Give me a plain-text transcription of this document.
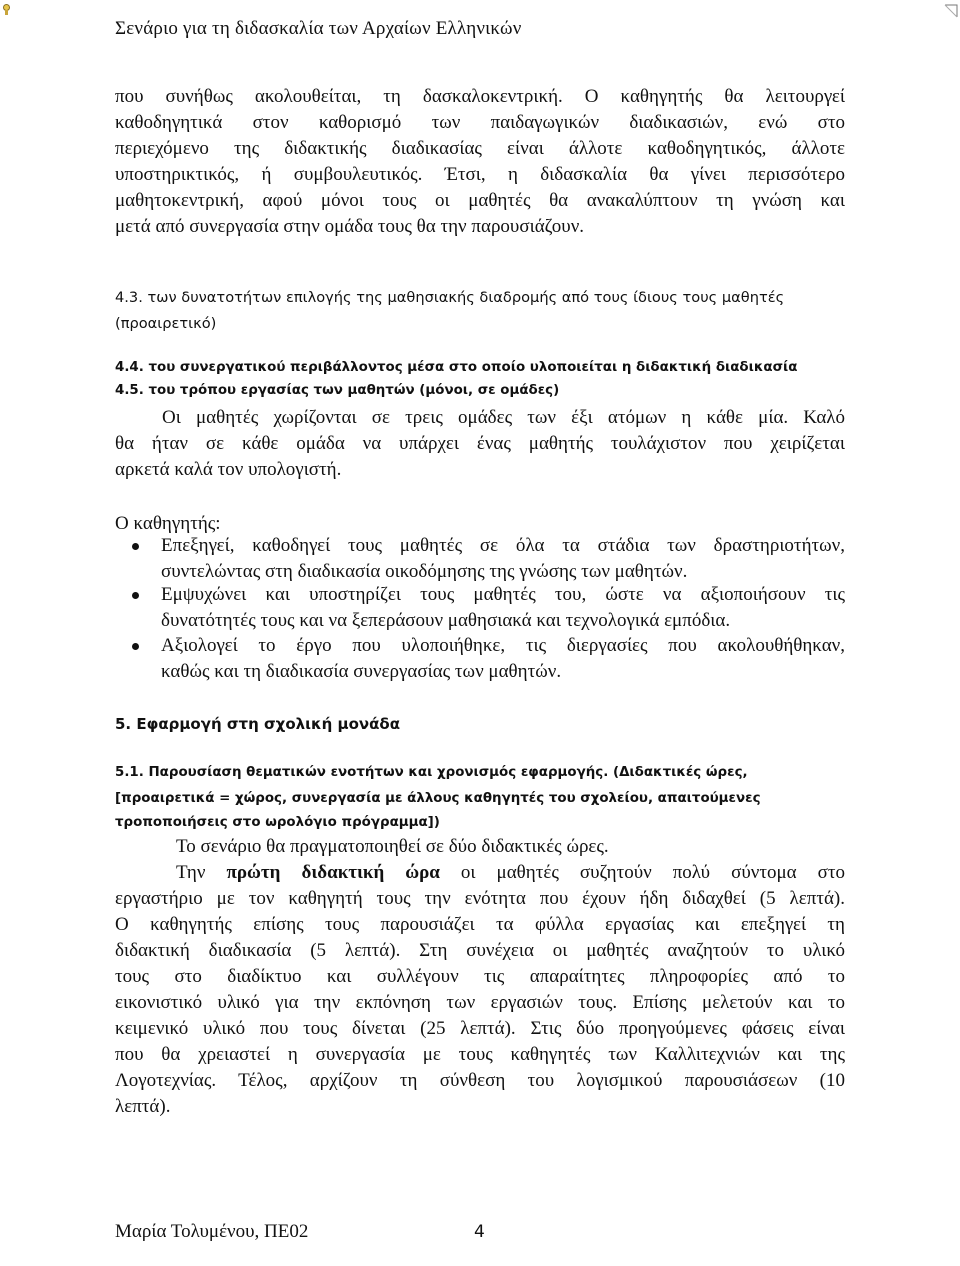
Σενάριο για τη διδασκαλία των Αρχαίων Ελληνικών
που συνήθως ακολουθείται, τη δασκαλοκεντρική. Ο καθηγητής θα λειτουργεί
καθοδηγητικά στον καθορισμό των παιδαγωγικών διαδικασιών, ενώ στο
περιεχόμενο της διδακτικής διαδικασίας είναι άλλοτε καθοδηγητικός, άλλοτε
υποστηρικτικός, ή συμβουλευτικός. Έτσι, η διδασκαλία θα γίνει περισσότερο
μαθητοκεντρική, αφού μόνοι τους οι μαθητές θα ανακαλύπτουν τη γνώση και
μετά από συνεργασία στην ομάδα τους θα την παρουσιάζουν.
4.3. των δυνατοτήτων επιλογής της μαθησιακής διαδρομής από τους ίδιους τους μαθητές
(προαιρετικό)
4.4. του συνεργατικού περιβάλλοντος μέσα στο οποίο υλοποιείται η διδακτική διαδικασία
4.5. του τρόπου εργασίας των μαθητών (μόνοι, σε ομάδες)
Οι μαθητές χωρίζονται σε τρεις ομάδες των έξι ατόμων η κάθε μία. Καλό
θα ήταν σε κάθε ομάδα να υπάρχει ένας μαθητής τουλάχιστον που χειρίζεται
αρκετά καλά τον υπολογιστή.
Ο καθηγητής:
Επεξηγεί, καθοδηγεί τους μαθητές σε όλα τα στάδια των δραστηριοτήτων,
συντελώντας στη διαδικασία οικοδόμησης της γνώσης των μαθητών.
Εμψυχώνει και υποστηρίζει τους μαθητές του, ώστε να αξιοποιήσουν τις
δυνατότητές τους και να ξεπεράσουν μαθησιακά και τεχνολογικά εμπόδια.
Αξιολογεί το έργο που υλοποιήθηκε, τις διεργασίες που ακολουθήθηκαν,
καθώς και τη διαδικασία συνεργασίας των μαθητών.
5. Εφαρμογή στη σχολική μονάδα
5.1. Παρουσίαση θεματικών ενοτήτων και χρονισμός εφαρμογής. (Διδακτικές ώρες,
[προαιρετικά = χώρος, συνεργασία με άλλους καθηγητές του σχολείου, απαιτούμενες
τροποποιήσεις στο ωρολόγιο πρόγραμμα])
Το σενάριο θα πραγματοποιηθεί σε δύο διδακτικές ώρες.
Την πρώτη διδακτική ώρα οι μαθητές συζητούν πολύ σύντομα στο
εργαστήριο με τον καθηγητή τους την ενότητα που έχουν ήδη διδαχθεί (5 λεπτά).
Ο καθηγητής επίσης τους παρουσιάζει τα φύλλα εργασίας και επεξηγεί τη
διδακτική διαδικασία (5 λεπτά). Στη συνέχεια οι μαθητές αναζητούν το υλικό
τους στο διαδίκτυο και συλλέγουν τις απαραίτητες πληροφορίες από το
εικονιστικό υλικό για την εκπόνηση των εργασιών τους. Επίσης μελετούν και το
κειμενικό υλικό που τους δίνεται (25 λεπτά). Στις δύο προηγούμενες φάσεις είναι
που θα χρειαστεί η συνεργασία με τους καθηγητές των Καλλιτεχνιών και της
Λογοτεχνίας. Τέλος, αρχίζουν τη σύνθεση του λογισμικού παρουσιάσεων (10
λεπτά).
Μαρία Τολυμένου, ΠΕ02	4
